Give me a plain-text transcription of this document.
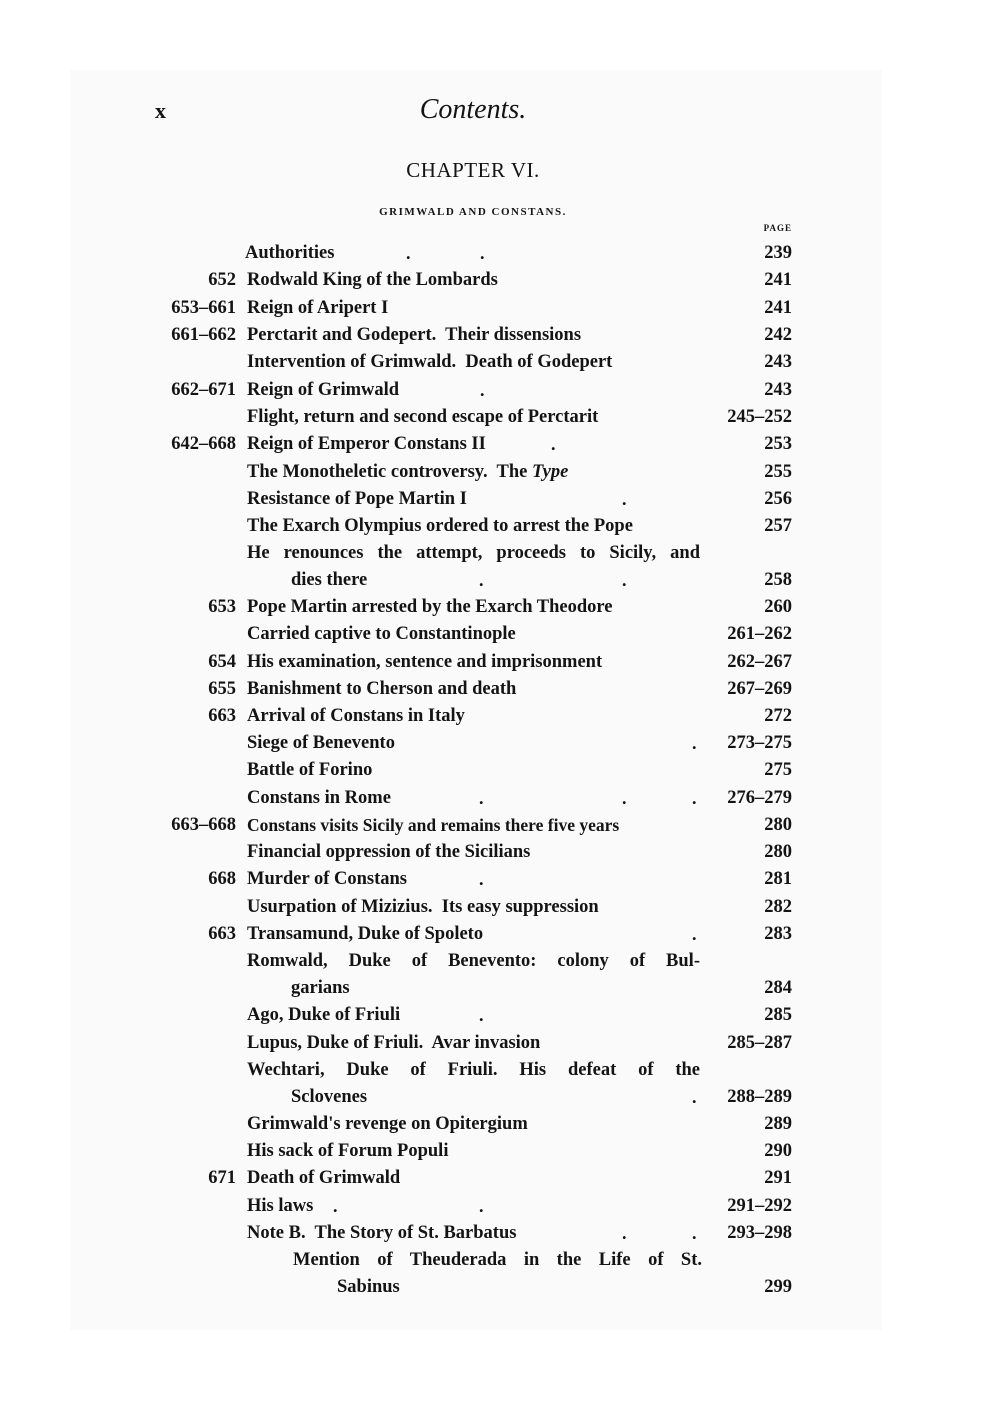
x	Contents.
CHAPTER VI.
GRIMWALD AND CONSTANS.
PAGE
Authorities	.	.	239
652 Rodwald King of the Lombards	241
653–661 Reign of Aripert I	241
661–662 Perctarit and Godepert.  Their dissensions	242
Intervention of Grimwald.  Death of Godepert	243
662–671 Reign of Grimwald	.	243
Flight, return and second escape of Perctarit	245–252
642–668 Reign of Emperor Constans II	.	253
The Monotheletic controversy.  The Type	255
Resistance of Pope Martin I	.	256
The Exarch Olympius ordered to arrest the Pope	257
He renounces the attempt, proceeds to Sicily, and
dies there	.	.	258
653 Pope Martin arrested by the Exarch Theodore	260
Carried captive to Constantinople	261–262
654 His examination, sentence and imprisonment	262–267
655 Banishment to Cherson and death	267–269
663 Arrival of Constans in Italy	272
Siege of Benevento	.	273–275
Battle of Forino	275
Constans in Rome	.	.	.	276–279
663–668 Constans visits Sicily and remains there five years	280
Financial oppression of the Sicilians	280
668 Murder of Constans	.	281
Usurpation of Mizizius.  Its easy suppression	282
663 Transamund, Duke of Spoleto	.	283
Romwald, Duke of Benevento: colony of Bul-
garians	284
Ago, Duke of Friuli	.	285
Lupus, Duke of Friuli.  Avar invasion	285–287
Wechtari, Duke of Friuli. His defeat of the
Sclovenes	.	288–289
Grimwald's revenge on Opitergium	289
His sack of Forum Populi	290
671 Death of Grimwald	291
His laws .	.	291–292
Note B.  The Story of St. Barbatus	.	.	293–298
Mention of Theuderada in the Life of St.
Sabinus	299
